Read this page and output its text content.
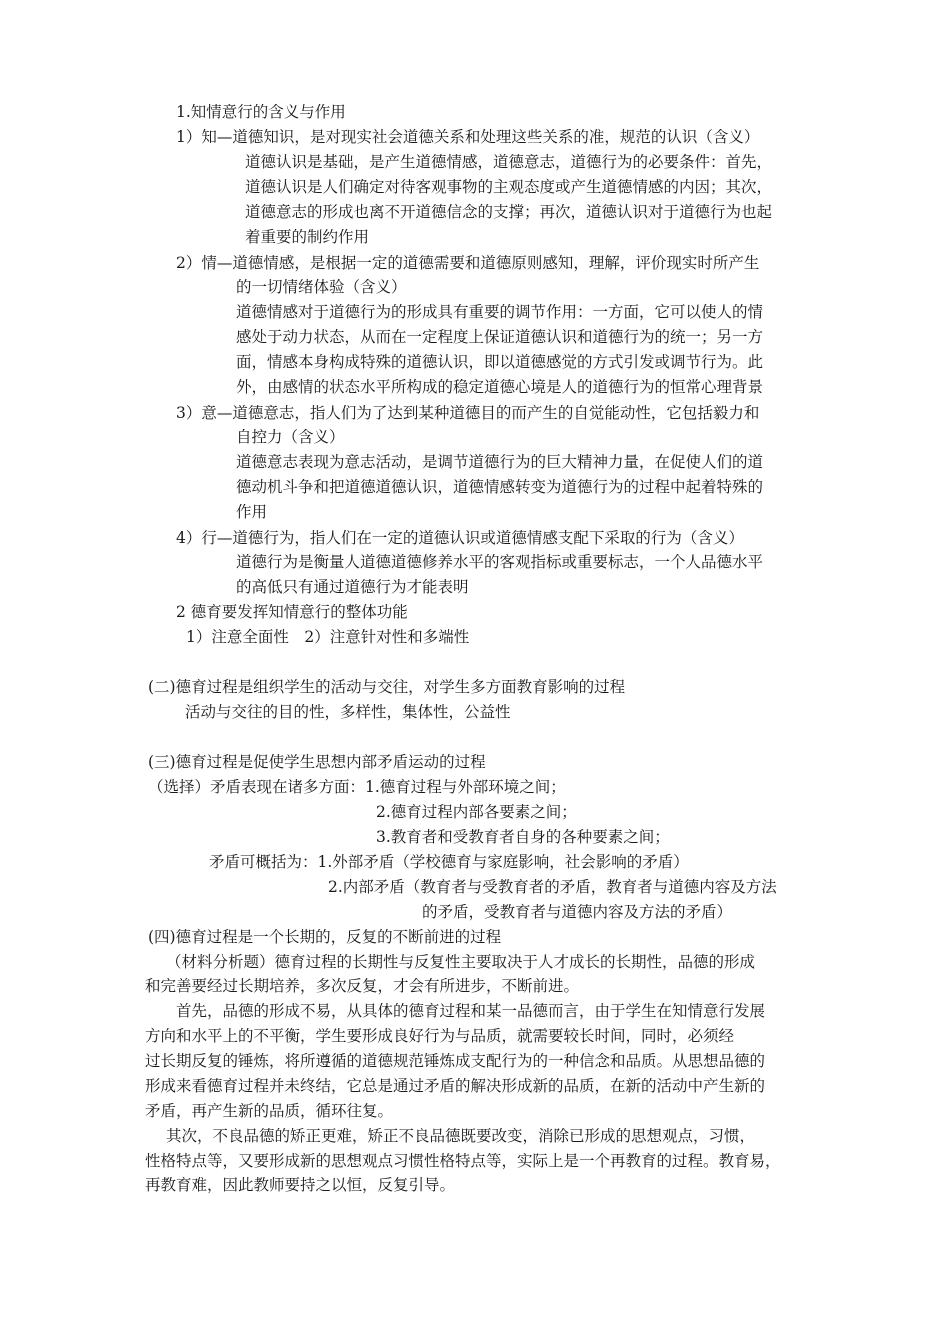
1.知情意行的含义与作用
1）知—道德知识，是对现实社会道德关系和处理这些关系的准，规范的认识（含义）
道德认识是基础，是产生道德情感，道德意志，道德行为的必要条件：首先，
道德认识是人们确定对待客观事物的主观态度或产生道德情感的内因；其次，
道德意志的形成也离不开道德信念的支撑；再次，道德认识对于道德行为也起
着重要的制约作用
2）情—道德情感，是根据一定的道德需要和道德原则感知，理解，评价现实时所产生
的一切情绪体验（含义）
道德情感对于道德行为的形成具有重要的调节作用：一方面，它可以使人的情
感处于动力状态，从而在一定程度上保证道德认识和道德行为的统一；另一方
面，情感本身构成特殊的道德认识，即以道德感觉的方式引发或调节行为。此
外，由感情的状态水平所构成的稳定道德心境是人的道德行为的恒常心理背景
3）意—道德意志，指人们为了达到某种道德目的而产生的自觉能动性，它包括毅力和
自控力（含义）
道德意志表现为意志活动，是调节道德行为的巨大精神力量，在促使人们的道
德动机斗争和把道德道德认识，道德情感转变为道德行为的过程中起着特殊的
作用
4）行—道德行为，指人们在一定的道德认识或道德情感支配下采取的行为（含义）
道德行为是衡量人道德道德修养水平的客观指标或重要标志，一个人品德水平
的高低只有通过道德行为才能表明
2 德育要发挥知情意行的整体功能
1）注意全面性　2）注意针对性和多端性
(二)德育过程是组织学生的活动与交往，对学生多方面教育影响的过程
活动与交往的目的性，多样性，集体性，公益性
(三)德育过程是促使学生思想内部矛盾运动的过程
（选择）矛盾表现在诸多方面：1.德育过程与外部环境之间；
2.德育过程内部各要素之间；
3.教育者和受教育者自身的各种要素之间；
矛盾可概括为：1.外部矛盾（学校德育与家庭影响，社会影响的矛盾）
2.内部矛盾（教育者与受教育者的矛盾，教育者与道德内容及方法
的矛盾，受教育者与道德内容及方法的矛盾）
(四)德育过程是一个长期的，反复的不断前进的过程
（材料分析题）德育过程的长期性与反复性主要取决于人才成长的长期性，品德的形成
和完善要经过长期培养，多次反复，才会有所进步，不断前进。
首先，品德的形成不易，从具体的德育过程和某一品德而言，由于学生在知情意行发展
方向和水平上的不平衡，学生要形成良好行为与品质，就需要较长时间，同时，必须经
过长期反复的锤炼，将所遵循的道德规范锤炼成支配行为的一种信念和品质。从思想品德的
形成来看德育过程并未终结，它总是通过矛盾的解决形成新的品质，在新的活动中产生新的
矛盾，再产生新的品质，循环往复。
其次，不良品德的矫正更难，矫正不良品德既要改变，消除已形成的思想观点，习惯，
性格特点等，又要形成新的思想观点习惯性格特点等，实际上是一个再教育的过程。教育易，
再教育难，因此教师要持之以恒，反复引导。
